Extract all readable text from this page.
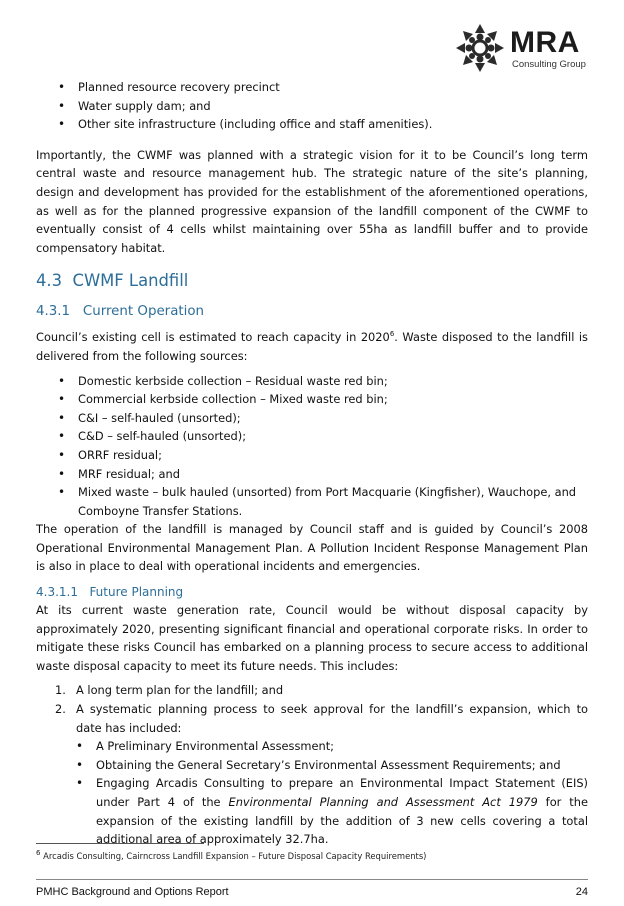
MRA
Consulting Group
• Planned resource recovery precinct
• Water supply dam; and
• Other site infrastructure (including office and staff amenities).

Importantly, the CWMF was planned with a strategic vision for it to be Council’s long term central waste and resource management hub. The strategic nature of the site’s planning, design and development has provided for the establishment of the aforementioned operations, as well as for the planned progressive expansion of the landfill component of the CWMF to eventually consist of 4 cells whilst maintaining over 55ha as landfill buffer and to provide compensatory habitat.

4.3 CWMF Landfill
4.3.1 Current Operation

Council’s existing cell is estimated to reach capacity in 2020$^6$. Waste disposed to the landfill is delivered from the following sources:

• Domestic kerbside collection – Residual waste red bin;
• Commercial kerbside collection – Mixed waste red bin;
• C&I – self-hauled (unsorted);
• C&D – self-hauled (unsorted);
• ORRF residual;
• MRF residual; and
• Mixed waste – bulk hauled (unsorted) from Port Macquarie (Kingfisher), Wauchope, and Comboyne Transfer Stations.

The operation of the landfill is managed by Council staff and is guided by Council’s 2008 Operational Environmental Management Plan. A Pollution Incident Response Management Plan is also in place to deal with operational incidents and emergencies.

4.3.1.1 Future Planning

At its current waste generation rate, Council would be without disposal capacity by approximately 2020, presenting significant financial and operational corporate risks. In order to mitigate these risks Council has embarked on a planning process to secure access to additional waste disposal capacity to meet its future needs. This includes:

1. A long term plan for the landfill; and
2. A systematic planning process to seek approval for the landfill’s expansion, which to date has included:
• A Preliminary Environmental Assessment;
• Obtaining the General Secretary’s Environmental Assessment Requirements; and
• Engaging Arcadis Consulting to prepare an Environmental Impact Statement (EIS) under Part 4 of the Environmental Planning and Assessment Act 1979 for the expansion of the existing landfill by the addition of 3 new cells covering a total additional area of approximately 32.7ha.
$^6$ Arcadis Consulting, Cairncross Landfill Expansion – Future Disposal Capacity Requirements)
PMHC Background and Options Report	24
